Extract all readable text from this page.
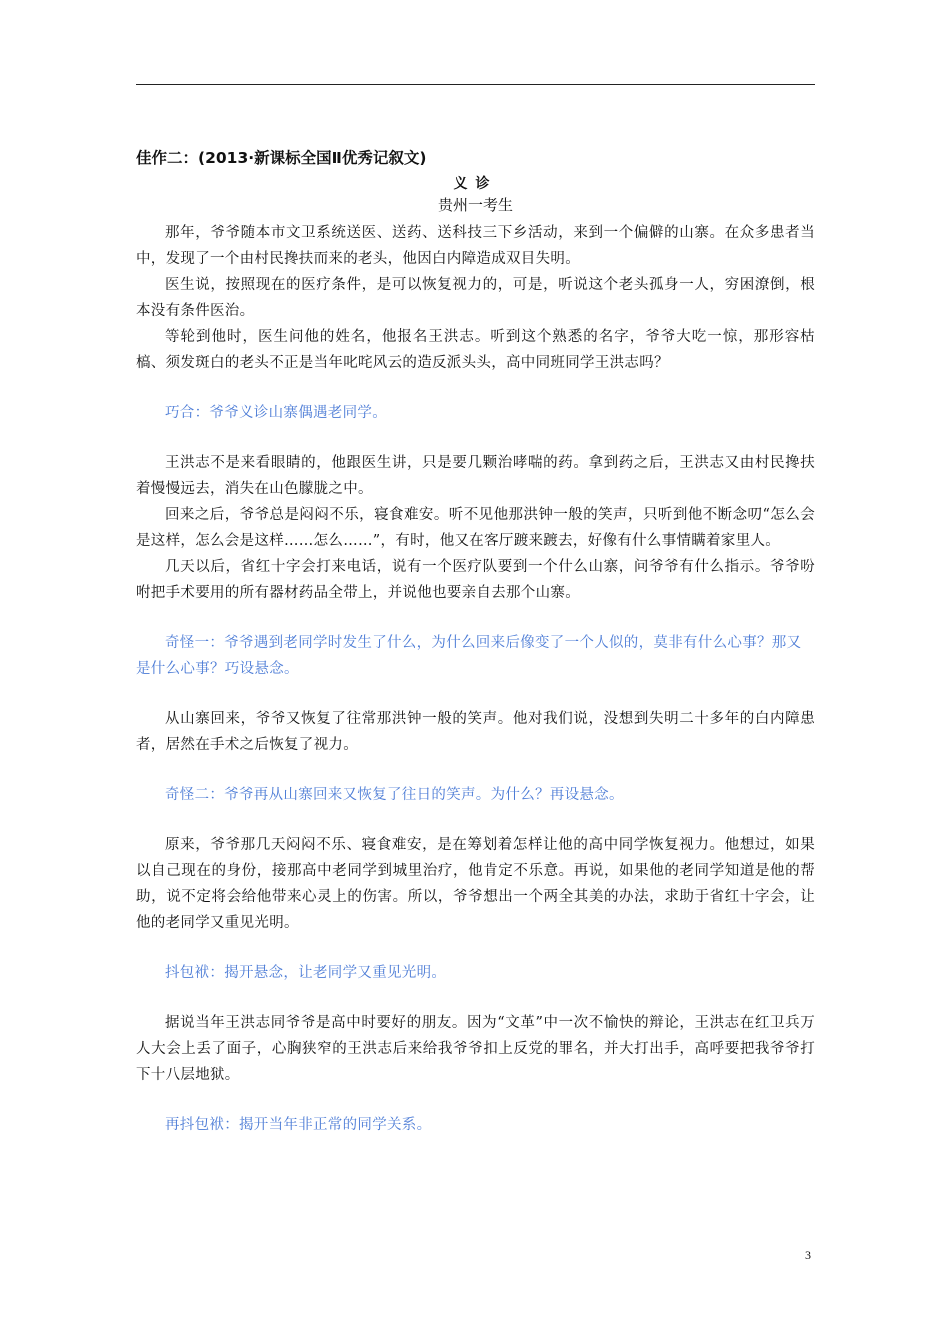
佳作二：(2013·新课标全国Ⅱ优秀记叙文)
义诊
贵州一考生

那年，爷爷随本市文卫系统送医、送药、送科技三下乡活动，来到一个偏僻的山寨。在众多患者当中，发现了一个由村民搀扶而来的老头，他因白内障造成双目失明。

医生说，按照现在的医疗条件，是可以恢复视力的，可是，听说这个老头孤身一人，穷困潦倒，根本没有条件医治。

等轮到他时，医生问他的姓名，他报名王洪志。听到这个熟悉的名字，爷爷大吃一惊，那形容枯槁、须发斑白的老头不正是当年叱咤风云的造反派头头，高中同班同学王洪志吗？

巧合：爷爷义诊山寨偶遇老同学。

王洪志不是来看眼睛的，他跟医生讲，只是要几颗治哮喘的药。拿到药之后，王洪志又由村民搀扶着慢慢远去，消失在山色朦胧之中。

回来之后，爷爷总是闷闷不乐，寝食难安。听不见他那洪钟一般的笑声，只听到他不断念叨“怎么会是这样，怎么会是这样……怎么……”，有时，他又在客厅踱来踱去，好像有什么事情瞒着家里人。

几天以后，省红十字会打来电话，说有一个医疗队要到一个什么山寨，问爷爷有什么指示。爷爷吩咐把手术要用的所有器材药品全带上，并说他也要亲自去那个山寨。

奇怪一：爷爷遇到老同学时发生了什么，为什么回来后像变了一个人似的，莫非有什么心事？那又是什么心事？巧设悬念。

从山寨回来，爷爷又恢复了往常那洪钟一般的笑声。他对我们说，没想到失明二十多年的白内障患者，居然在手术之后恢复了视力。

奇怪二：爷爷再从山寨回来又恢复了往日的笑声。为什么？再设悬念。

原来，爷爷那几天闷闷不乐、寝食难安，是在筹划着怎样让他的高中同学恢复视力。他想过，如果以自己现在的身份，接那高中老同学到城里治疗，他肯定不乐意。再说，如果他的老同学知道是他的帮助，说不定将会给他带来心灵上的伤害。所以，爷爷想出一个两全其美的办法，求助于省红十字会，让他的老同学又重见光明。

抖包袱：揭开悬念，让老同学又重见光明。

据说当年王洪志同爷爷是高中时要好的朋友。因为“文革”中一次不愉快的辩论，王洪志在红卫兵万人大会上丢了面子，心胸狭窄的王洪志后来给我爷爷扣上反党的罪名，并大打出手，高呼要把我爷爷打下十八层地狱。

再抖包袱：揭开当年非正常的同学关系。

3
